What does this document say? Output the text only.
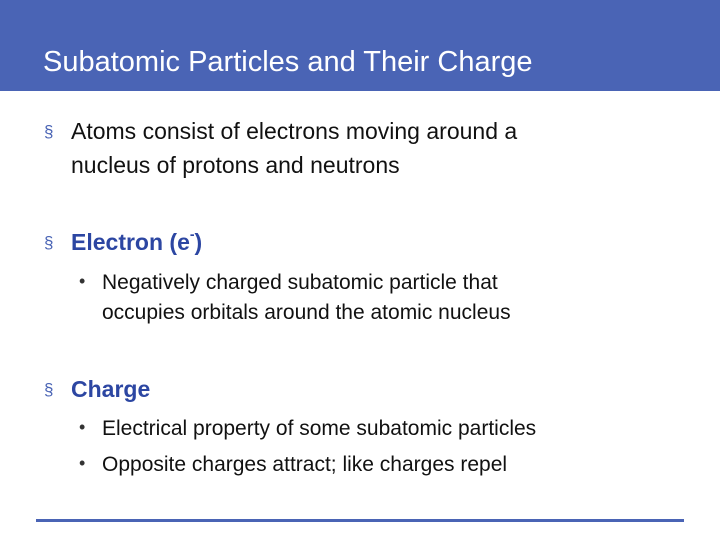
Subatomic Particles and Their Charge
§ Atoms consist of electrons moving around a
nucleus of protons and neutrons
§ Electron (e-)
• Negatively charged subatomic particle that
occupies orbitals around the atomic nucleus
§ Charge
• Electrical property of some subatomic particles
• Opposite charges attract; like charges repel
